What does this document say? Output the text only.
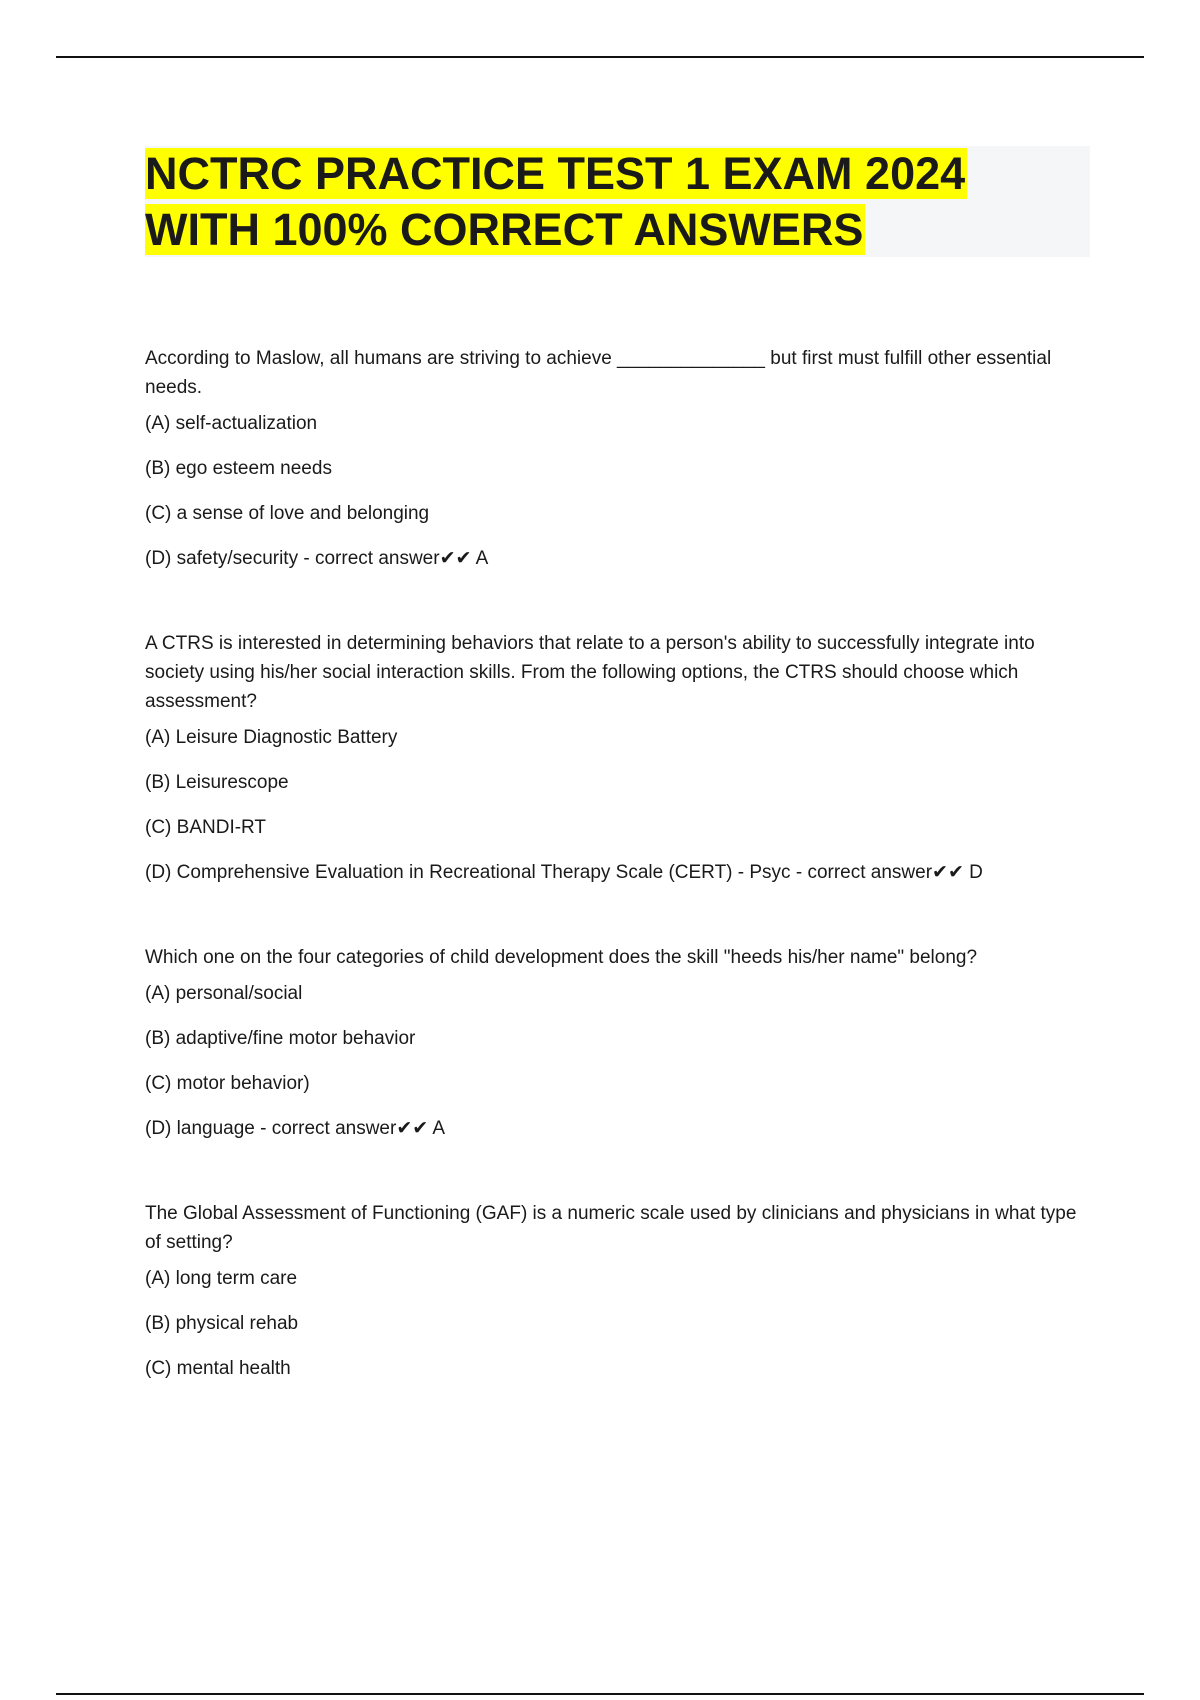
NCTRC PRACTICE TEST 1 EXAM 2024
WITH 100% CORRECT ANSWERS

According to Maslow, all humans are striving to achieve ______________ but first must fulfill other essential needs.

(A) self-actualization

(B) ego esteem needs

(C) a sense of love and belonging

(D) safety/security - correct answer✔✔ A

A CTRS is interested in determining behaviors that relate to a person's ability to successfully integrate into society using his/her social interaction skills. From the following options, the CTRS should choose which assessment?

(A) Leisure Diagnostic Battery

(B) Leisurescope

(C) BANDI-RT

(D) Comprehensive Evaluation in Recreational Therapy Scale (CERT) - Psyc - correct answer✔✔ D

Which one on the four categories of child development does the skill "heeds his/her name" belong?

(A) personal/social

(B) adaptive/fine motor behavior

(C) motor behavior)

(D) language - correct answer✔✔ A

The Global Assessment of Functioning (GAF) is a numeric scale used by clinicians and physicians in what type of setting?

(A) long term care

(B) physical rehab

(C) mental health
